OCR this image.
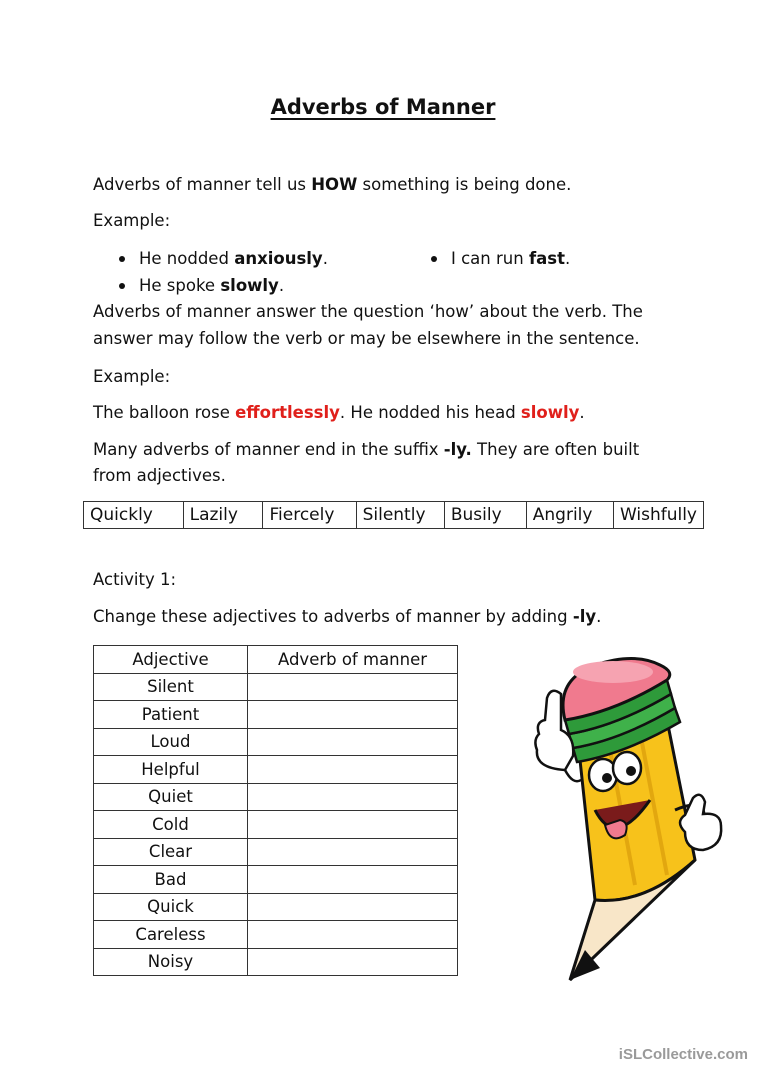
Adverbs of Manner
Adverbs of manner tell us HOW something is being done.
Example:
He nodded anxiously.
He spoke slowly.
I can run fast.
Adverbs of manner answer the question ‘how’ about the verb. The
answer may follow the verb or may be elsewhere in the sentence.
Example:
The balloon rose effortlessly. He nodded his head slowly.
Many adverbs of manner end in the suffix -ly. They are often built
from adjectives.
Quickly	Lazily	Fiercely	Silently	Busily	Angrily	Wishfully
Activity 1:
Change these adjectives to adverbs of manner by adding -ly.
Adjective	Adverb of manner
Silent	
Patient	
Loud	
Helpful	
Quiet	
Cold	
Clear	
Bad	
Quick	
Careless	
Noisy	
iSLCollective.com
